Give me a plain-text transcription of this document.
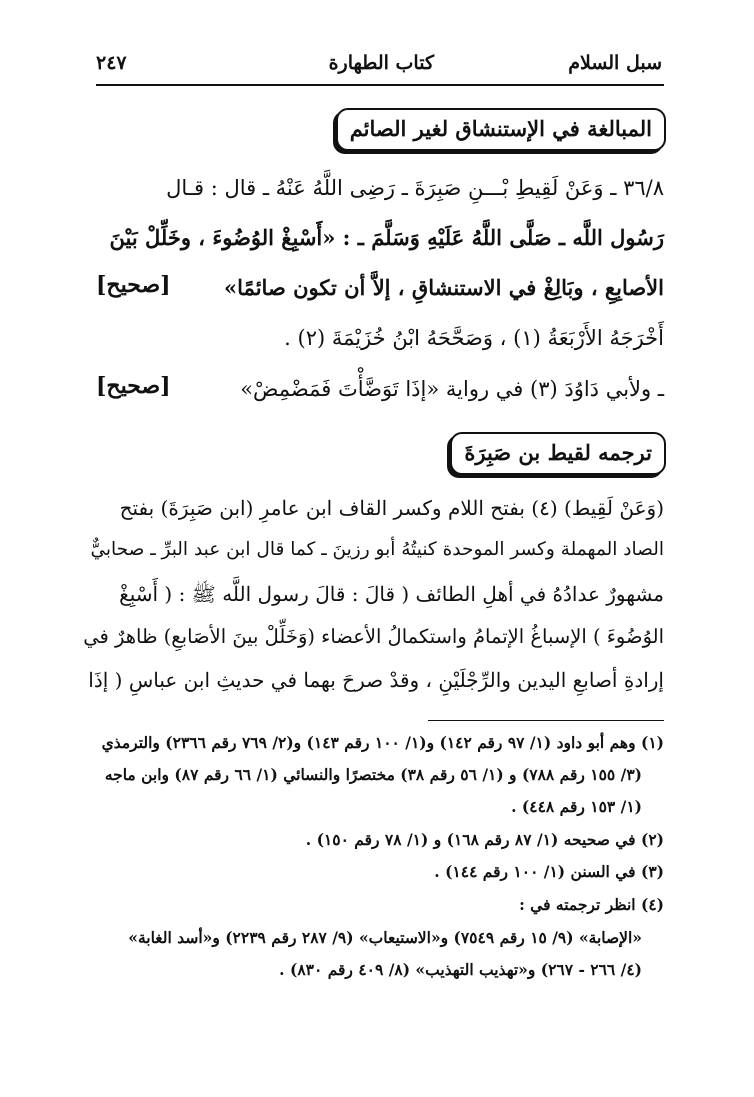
سبل السلام
كتاب الطهارة
٢٤٧
المبالغة في الإستنشاق لغير الصائم
٣٦/٨ ـ وَعَنْ لَقِيطِ بْـــنِ صَبِرَةَ ـ رَضِى اللَّهُ عَنْهُ ـ قال : قـال
رَسُول اللَّه ـ صَلَّى اللَّهُ عَلَيْهِ وَسَلَّمَ ـ : «أَسْبِغْ الوُضُوءَ ، وخَلِّلْ بَيْنَ
الأصابِعِ ، وبَالِغْ في الاستنشاقِ ، إلاَّ أن تكون صائمًا»
[صحيح]
أَخْرَجَهُ الأَرْبَعَةُ (١) ، وَصَحَّحَهُ ابْنُ خُزَيْمَةَ (٢) .
ـ ولأبي دَاوُدَ (٣) في رواية «إذَا تَوَضَّأْتَ فَمَضْمِضْ»
[صحيح]
ترجمه لقيط بن صَبِرَةَ
(وَعَنْ لَقِيط) (٤) بفتح اللام وكسر القاف ابن عامرِ (ابن صَبِرَةَ) بفتح
الصاد المهملة وكسر الموحدة كنيتُهُ أبو رزينَ ـ كما قال ابن عبد البرِّ ـ صحابيٌّ
مشهورٌ عدادُهُ في أهلِ الطائف ( قالَ : قالَ رسول اللَّه ﷺ : ( أَسْبِغْ
الوُضُوءَ ) الإسباغُ الإتمامُ واستكمالُ الأعضاء (وَخَلِّلْ بينَ الأصَابعِ) ظاهرٌ في
إرادةِ أصابعِ اليدين والرِّجْلَيْنِ ، وقدْ صرحَ بهما في حديثِ ابن عباسِ ( إذَا
(١) وهم أبو داود (١/ ٩٧ رقم ١٤٢) و(١/ ١٠٠ رقم ١٤٣) و(٢/ ٧٦٩ رقم ٢٣٦٦) والترمذي
(٣/ ١٥٥ رقم ٧٨٨) و (١/ ٥٦ رقم ٣٨) مختصرًا والنسائي (١/ ٦٦ رقم ٨٧) وابن ماجه
(١/ ١٥٣ رقم ٤٤٨) .
(٢) في صحيحه (١/ ٨٧ رقم ١٦٨) و (١/ ٧٨ رقم ١٥٠) .
(٣) في السنن (١/ ١٠٠ رقم ١٤٤) .
(٤) انظر ترجمته في :
«الإصابة» (٩/ ١٥ رقم ٧٥٤٩) و«الاستيعاب» (٩/ ٢٨٧ رقم ٢٢٣٩) و«أسد الغابة»
(٤/ ٢٦٦ - ٢٦٧) و«تهذيب التهذيب» (٨/ ٤٠٩ رقم ٨٣٠) .
